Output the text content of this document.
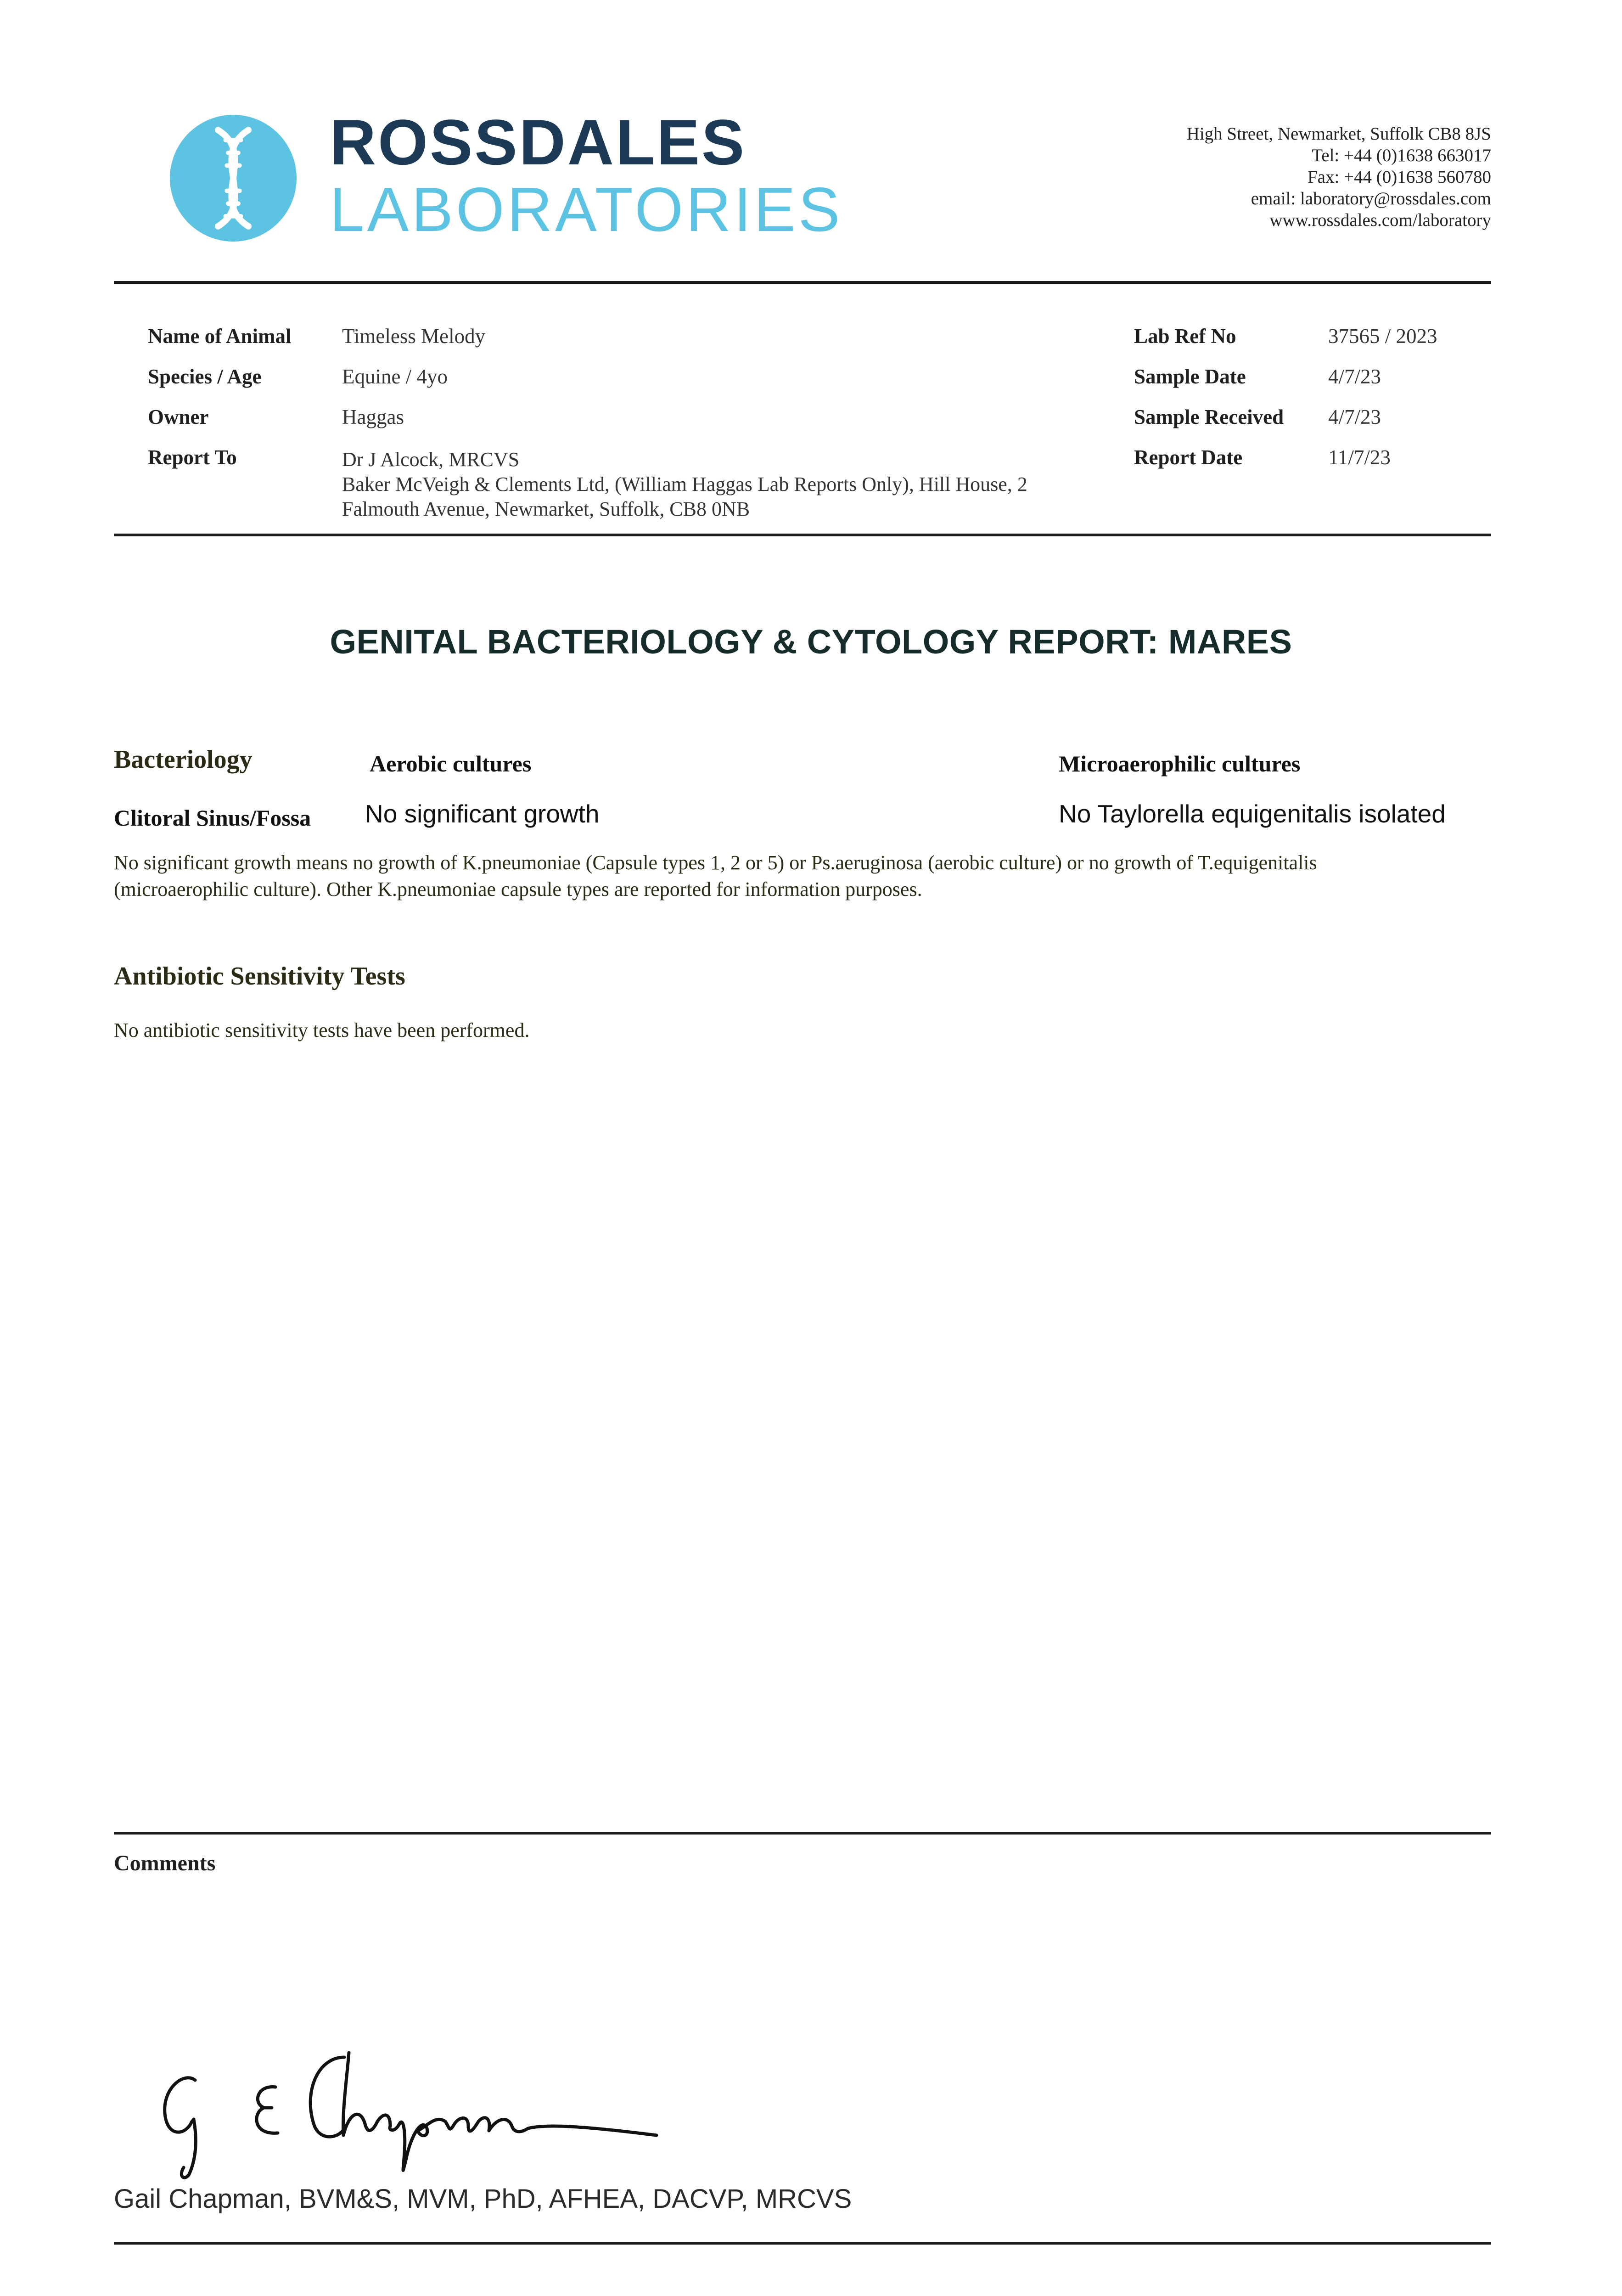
ROSSDALES
LABORATORIES
High Street, Newmarket, Suffolk CB8 8JS
Tel: +44 (0)1638 663017
Fax: +44 (0)1638 560780
email: laboratory@rossdales.com
www.rossdales.com/laboratory
Name of Animal Timeless Melody
Species / Age	Equine / 4yo
Owner	Haggas
Report To	Dr J Alcock, MRCVS
Baker McVeigh & Clements Ltd, (William Haggas Lab Reports Only), Hill House, 2
Falmouth Avenue, Newmarket, Suffolk, CB8 0NB
Lab Ref No	37565 / 2023
Sample Date	4/7/23
Sample Received 4/7/23
Report Date	11/7/23
GENITAL BACTERIOLOGY & CYTOLOGY REPORT: MARES
Bacteriology	Aerobic cultures	Microaerophilic cultures
Clitoral Sinus/Fossa No significant growth	No Taylorella equigenitalis isolated
No significant growth means no growth of K.pneumoniae (Capsule types 1, 2 or 5) or Ps.aeruginosa (aerobic culture) or no growth of T.equigenitalis
(microaerophilic culture). Other K.pneumoniae capsule types are reported for information purposes.
Antibiotic Sensitivity Tests
No antibiotic sensitivity tests have been performed.
Comments
Gail Chapman, BVM&S, MVM, PhD, AFHEA, DACVP, MRCVS
